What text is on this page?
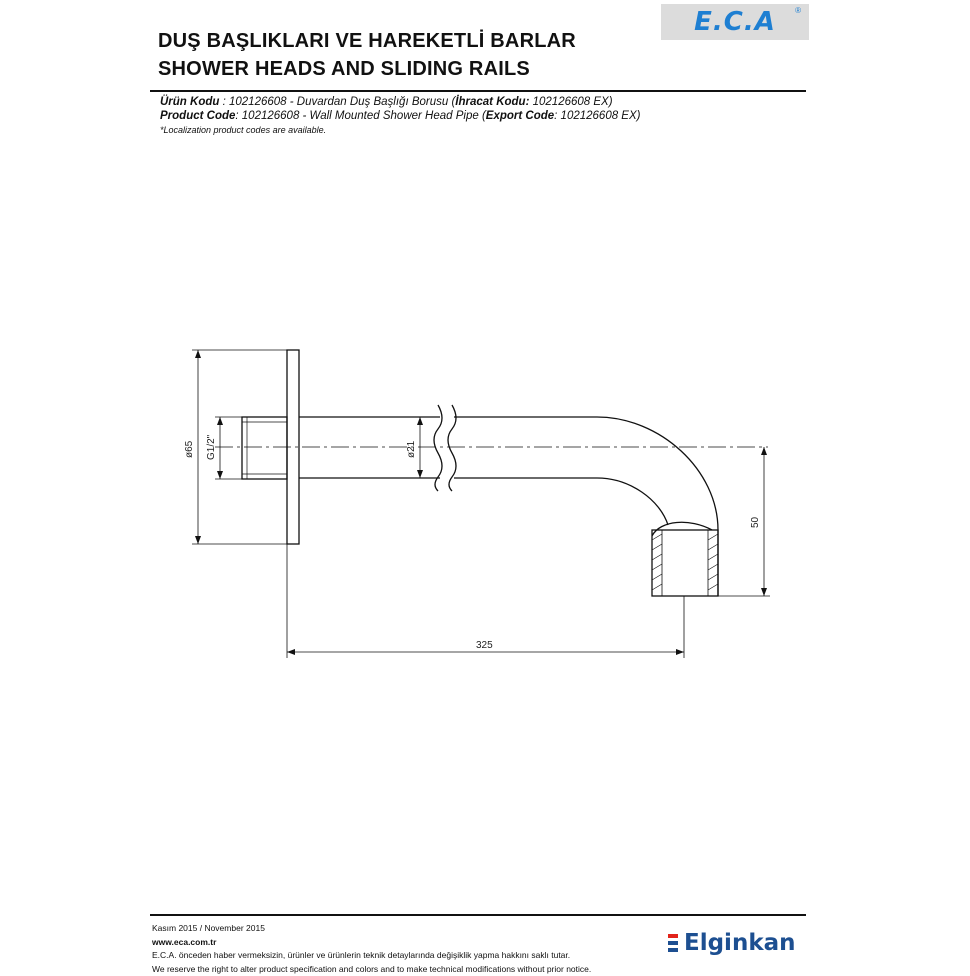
E.C.A ®
DUŞ BAŞLIKLARI VE HAREKETLİ BARLAR
SHOWER HEADS AND SLIDING RAILS
Ürün Kodu : 102126608 - Duvardan Duş Başlığı Borusu (İhracat Kodu: 102126608 EX)
Product Code: 102126608 - Wall Mounted Shower Head Pipe (Export Code: 102126608 EX)
*Localization product codes are available.
ø65 G1/2"	ø21
50
325
Kasım 2015 / November 2015
www.eca.com.tr
E.C.A. önceden haber vermeksizin, ürünler ve ürünlerin teknik detaylarında değişiklik yapma hakkını saklı tutar.
We reserve the right to alter product specification and colors and to make technical modifications without prior notice.
Elginkan
